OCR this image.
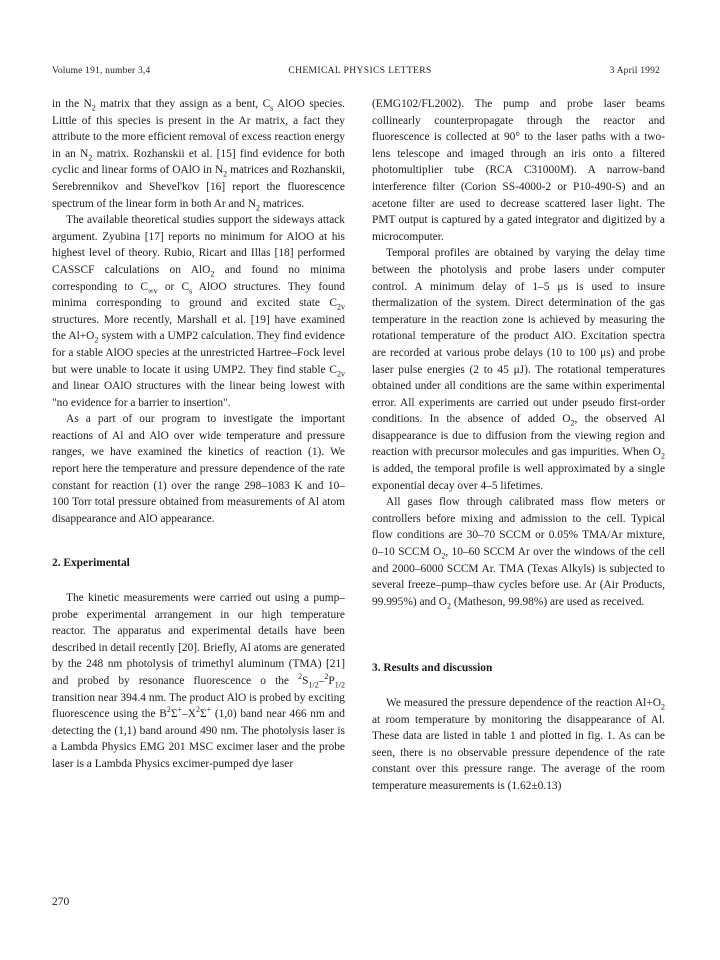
CHEMICAL PHYSICS LETTERS
Volume 191, number 3,4	3 April 1992

in the $N_2$ matrix that they assign as a bent, $C_s$ AlOO species. Little of this species is present in the Ar matrix, a fact they attribute to the more efficient removal of excess reaction energy in an $N_2$ matrix. Rozhanskii et al. [15] find evidence for both cyclic and linear forms of OAlO in $N_2$ matrices and Rozhanskii, Serebrennikov and Shevel'kov [16] report the fluorescence spectrum of the linear form in both Ar and $N_2$ matrices.

The available theoretical studies support the sideways attack argument. Zyubina [17] reports no minimum for AlOO at his highest level of theory. Rubio, Ricart and Illas [18] performed CASSCF calculations on AlO$_2$ and found no minima corresponding to $C_{\infty v}$ or $C_s$ AlOO structures. They found minima corresponding to ground and excited state $C_{2v}$ structures. More recently, Marshall et al. [19] have examined the $Al+O_2$ system with a UMP2 calculation. They find evidence for a stable AlOO species at the unrestricted Hartree–Fock level but were unable to locate it using UMP2. They find stable $C_{2v}$ and linear OAlO structures with the linear being lowest with "no evidence for a barrier to insertion".

As a part of our program to investigate the important reactions of Al and AlO over wide temperature and pressure ranges, we have examined the kinetics of reaction (1). We report here the temperature and pressure dependence of the rate constant for reaction (1) over the range 298–1083 K and 10–100 Torr total pressure obtained from measurements of Al atom disappearance and AlO appearance.

2. Experimental

The kinetic measurements were carried out using a pump–probe experimental arrangement in our high temperature reactor. The apparatus and experimental details have been described in detail recently [20]. Briefly, Al atoms are generated by the 248 nm photolysis of trimethyl aluminum (TMA) [21] and probed by resonance fluorescence o the $^2S_{1/2}-^2P_{1/2}$ transition near 394.4 nm. The product AlO is probed by exciting fluorescence using the $B^2\Sigma^+-X^2\Sigma^+$ (1,0) band near 466 nm and detecting the (1,1) band around 490 nm. The photolysis laser is a Lambda Physics EMG 201 MSC excimer laser and the probe laser is a Lambda Physics excimer-pumped dye laser

(EMG102/FL2002). The pump and probe laser beams collinearly counterpropagate through the reactor and fluorescence is collected at 90° to the laser paths with a two-lens telescope and imaged through an iris onto a filtered photomultiplier tube (RCA C31000M). A narrow-band interference filter (Corion SS-4000-2 or P10-490-S) and an acetone filter are used to decrease scattered laser light. The PMT output is captured by a gated integrator and digitized by a microcomputer.

Temporal profiles are obtained by varying the delay time between the photolysis and probe lasers under computer control. A minimum delay of 1–5 μs is used to insure thermalization of the system. Direct determination of the gas temperature in the reaction zone is achieved by measuring the rotational temperature of the product AlO. Excitation spectra are recorded at various probe delays (10 to 100 μs) and probe laser pulse energies (2 to 45 μJ). The rotational temperatures obtained under all conditions are the same within experimental error. All experiments are carried out under pseudo first-order conditions. In the absence of added $O_2$, the observed Al disappearance is due to diffusion from the viewing region and reaction with precursor molecules and gas impurities. When $O_2$ is added, the temporal profile is well approximated by a single exponential decay over 4–5 lifetimes.

All gases flow through calibrated mass flow meters or controllers before mixing and admission to the cell. Typical flow conditions are 30–70 SCCM or 0.05% TMA/Ar mixture, 0–10 SCCM $O_2$, 10–60 SCCM Ar over the windows of the cell and 2000–6000 SCCM Ar. TMA (Texas Alkyls) is subjected to several freeze–pump–thaw cycles before use. Ar (Air Products, 99.995%) and $O_2$ (Matheson, 99.98%) are used as received.

3. Results and discussion

We measured the pressure dependence of the reaction $Al+O_2$ at room temperature by monitoring the disappearance of Al. These data are listed in table 1 and plotted in fig. 1. As can be seen, there is no observable pressure dependence of the rate constant over this pressure range. The average of the room temperature measurements is (1.62±0.13)

270
